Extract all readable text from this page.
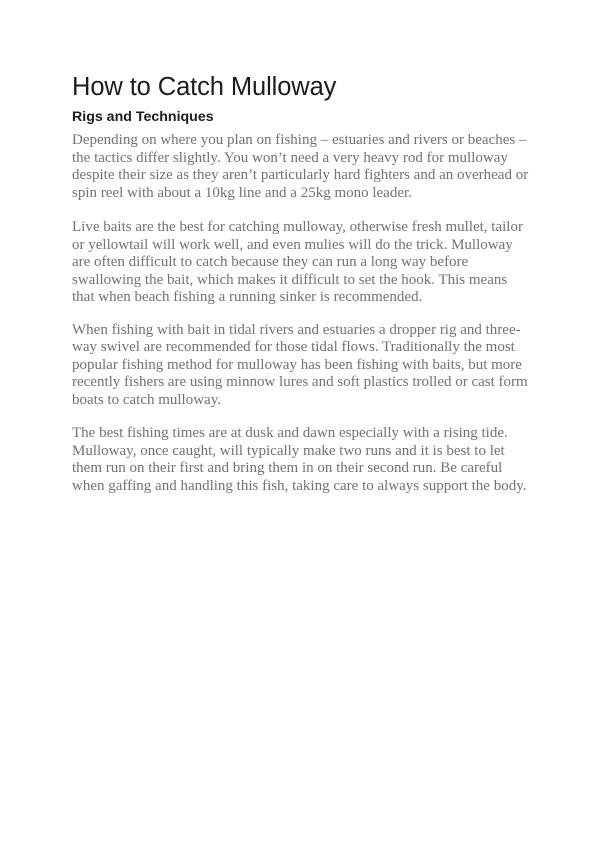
How to Catch Mulloway
Rigs and Techniques

Depending on where you plan on fishing – estuaries and rivers or beaches – the tactics differ slightly. You won’t need a very heavy rod for mulloway despite their size as they aren’t particularly hard fighters and an overhead or spin reel with about a 10kg line and a 25kg mono leader.

Live baits are the best for catching mulloway, otherwise fresh mullet, tailor or yellowtail will work well, and even mulies will do the trick. Mulloway are often difficult to catch because they can run a long way before swallowing the bait, which makes it difficult to set the hook. This means that when beach fishing a running sinker is recommended.

When fishing with bait in tidal rivers and estuaries a dropper rig and three-way swivel are recommended for those tidal flows. Traditionally the most popular fishing method for mulloway has been fishing with baits, but more recently fishers are using minnow lures and soft plastics trolled or cast form boats to catch mulloway.

The best fishing times are at dusk and dawn especially with a rising tide. Mulloway, once caught, will typically make two runs and it is best to let them run on their first and bring them in on their second run. Be careful when gaffing and handling this fish, taking care to always support the body.
